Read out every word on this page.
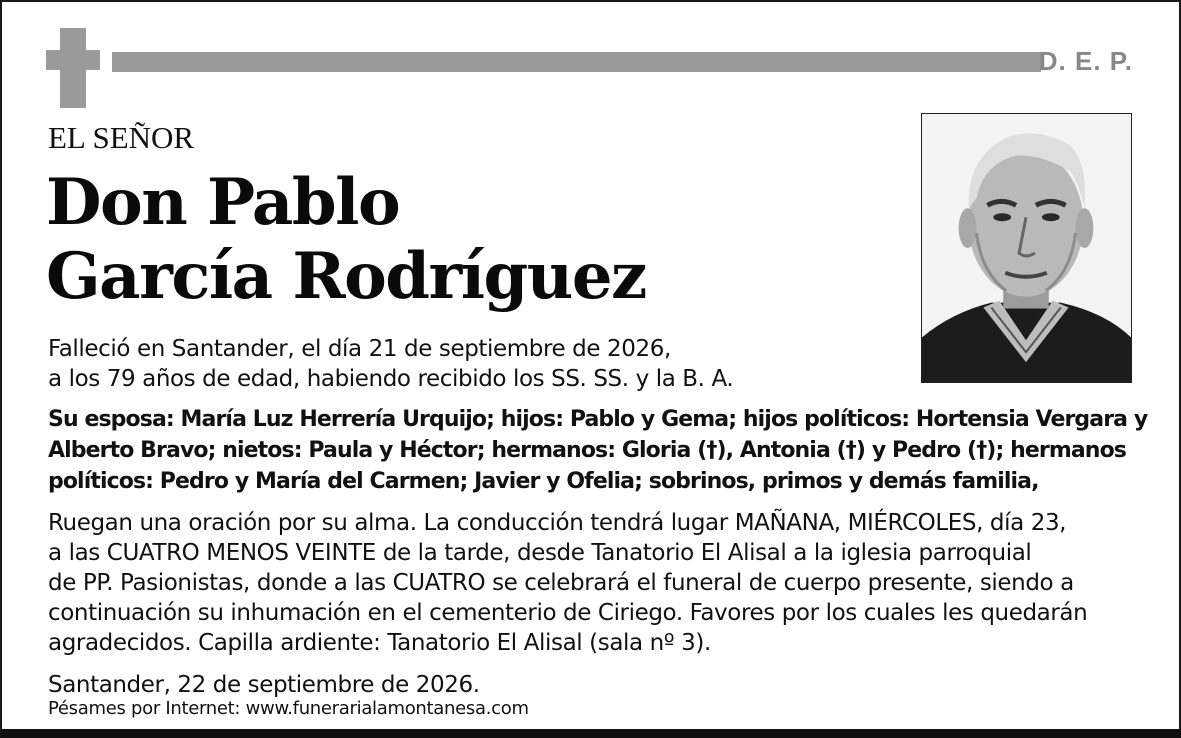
D. E. P.
EL SEÑOR
Don Pablo
García Rodríguez
Falleció en Santander, el día 21 de septiembre de 2026,
a los 79 años de edad, habiendo recibido los SS. SS. y la B. A.
Su esposa: María Luz Herrería Urquijo; hijos: Pablo y Gema; hijos políticos: Hortensia Vergara y
Alberto Bravo; nietos: Paula y Héctor; hermanos: Gloria (†), Antonia (†) y Pedro (†); hermanos
políticos: Pedro y María del Carmen; Javier y Ofelia; sobrinos, primos y demás familia,
Ruegan una oración por su alma. La conducción tendrá lugar MAÑANA, MIÉRCOLES, día 23,
a las CUATRO MENOS VEINTE de la tarde, desde Tanatorio El Alisal a la iglesia parroquial
de PP. Pasionistas, donde a las CUATRO se celebrará el funeral de cuerpo presente, siendo a
continuación su inhumación en el cementerio de Ciriego. Favores por los cuales les quedarán
agradecidos. Capilla ardiente: Tanatorio El Alisal (sala nº 3).
Santander, 22 de septiembre de 2026.
Pésames por Internet: www.funerarialamontanesa.com
